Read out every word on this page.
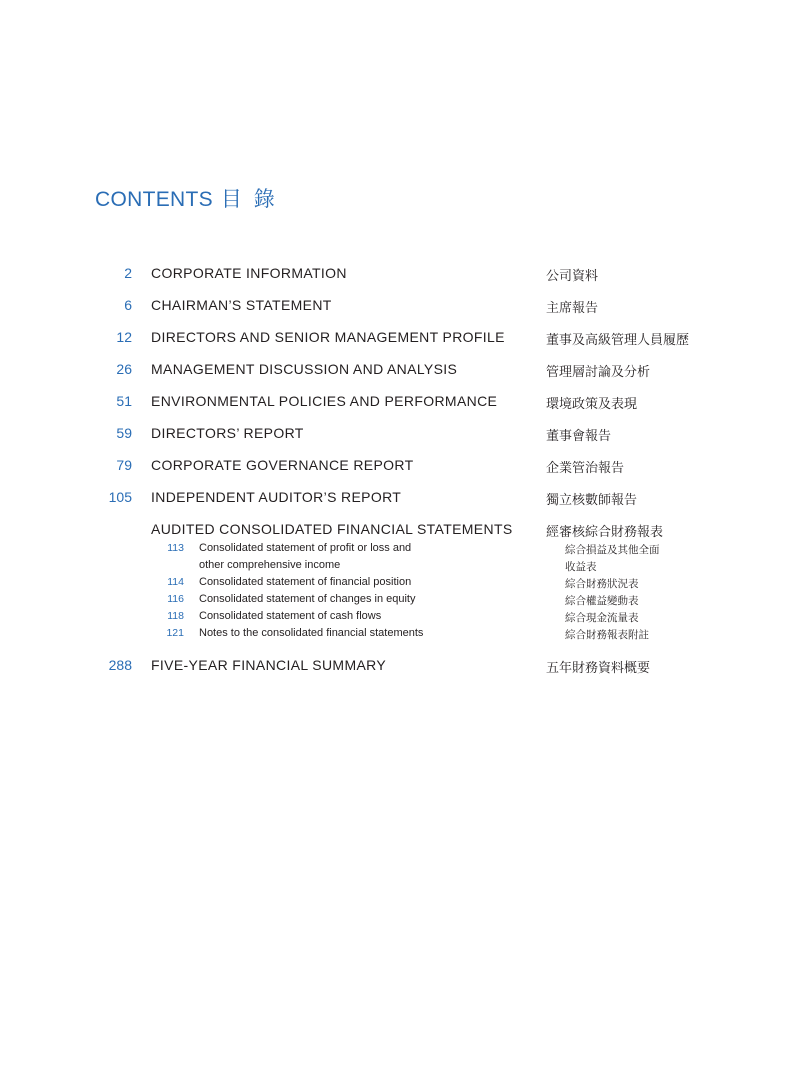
CONTENTS 目 錄
2 CORPORATE INFORMATION	公司資料
6 CHAIRMAN’S STATEMENT	主席報告
12 DIRECTORS AND SENIOR MANAGEMENT PROFILE	董事及高級管理人員履歷
26 MANAGEMENT DISCUSSION AND ANALYSIS	管理層討論及分析
51 ENVIRONMENTAL POLICIES AND PERFORMANCE	環境政策及表現
59 DIRECTORS’ REPORT	董事會報告
79 CORPORATE GOVERNANCE REPORT	企業管治報告
105 INDEPENDENT AUDITOR’S REPORT	獨立核數師報告
AUDITED CONSOLIDATED FINANCIAL STATEMENTS	經審核綜合財務報表
113 Consolidated statement of profit or loss and	綜合損益及其他全面
other comprehensive income	收益表
114 Consolidated statement of financial position	綜合財務狀況表
116 Consolidated statement of changes in equity	綜合權益變動表
118 Consolidated statement of cash flows	綜合現金流量表
121 Notes to the consolidated financial statements	綜合財務報表附註
288 FIVE-YEAR FINANCIAL SUMMARY	五年財務資料概要
